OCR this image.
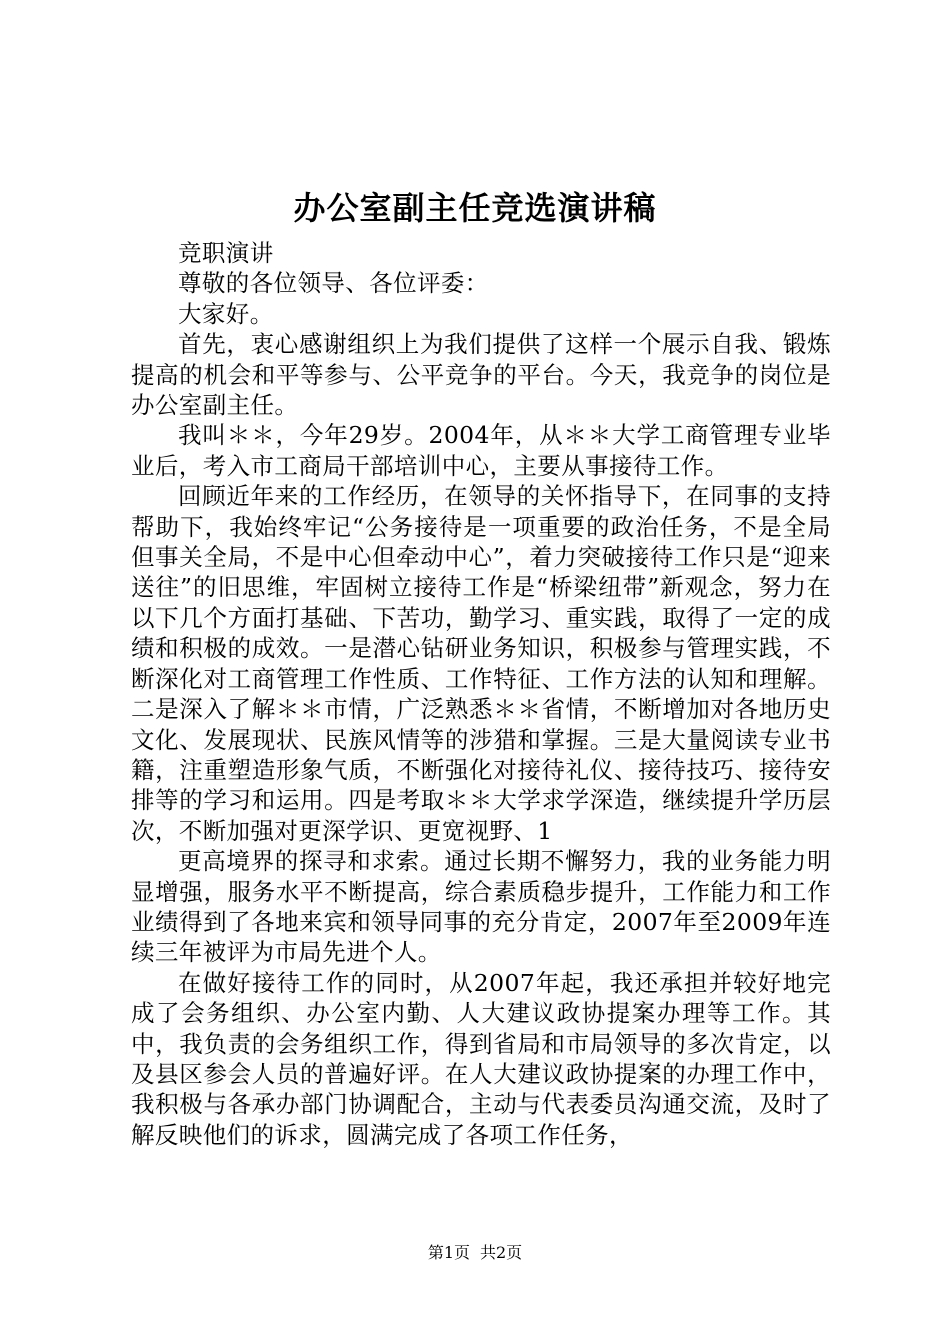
办公室副主任竞选演讲稿

竞职演讲

尊敬的各位领导、各位评委：

大家好。

首先，衷心感谢组织上为我们提供了这样一个展示自我、锻炼提高的机会和平等参与、公平竞争的平台。今天，我竞争的岗位是办公室副主任。

我叫＊＊，今年29岁。2004年，从＊＊大学工商管理专业毕业后，考入市工商局干部培训中心，主要从事接待工作。

回顾近年来的工作经历，在领导的关怀指导下，在同事的支持帮助下，我始终牢记“公务接待是一项重要的政治任务，不是全局但事关全局，不是中心但牵动中心”，着力突破接待工作只是“迎来送往”的旧思维，牢固树立接待工作是“桥梁纽带”新观念，努力在以下几个方面打基础、下苦功，勤学习、重实践，取得了一定的成绩和积极的成效。一是潜心钻研业务知识，积极参与管理实践，不断深化对工商管理工作性质、工作特征、工作方法的认知和理解。二是深入了解＊＊市情，广泛熟悉＊＊省情，不断增加对各地历史文化、发展现状、民族风情等的涉猎和掌握。三是大量阅读专业书籍，注重塑造形象气质，不断强化对接待礼仪、接待技巧、接待安排等的学习和运用。四是考取＊＊大学求学深造，继续提升学历层次，不断加强对更深学识、更宽视野、1

更高境界的探寻和求索。通过长期不懈努力，我的业务能力明显增强，服务水平不断提高，综合素质稳步提升，工作能力和工作业绩得到了各地来宾和领导同事的充分肯定，2007年至2009年连续三年被评为市局先进个人。

在做好接待工作的同时，从2007年起，我还承担并较好地完成了会务组织、办公室内勤、人大建议政协提案办理等工作。其中，我负责的会务组织工作，得到省局和市局领导的多次肯定，以及县区参会人员的普遍好评。在人大建议政协提案的办理工作中，我积极与各承办部门协调配合，主动与代表委员沟通交流，及时了解反映他们的诉求，圆满完成了各项工作任务，

第1页 共2页
